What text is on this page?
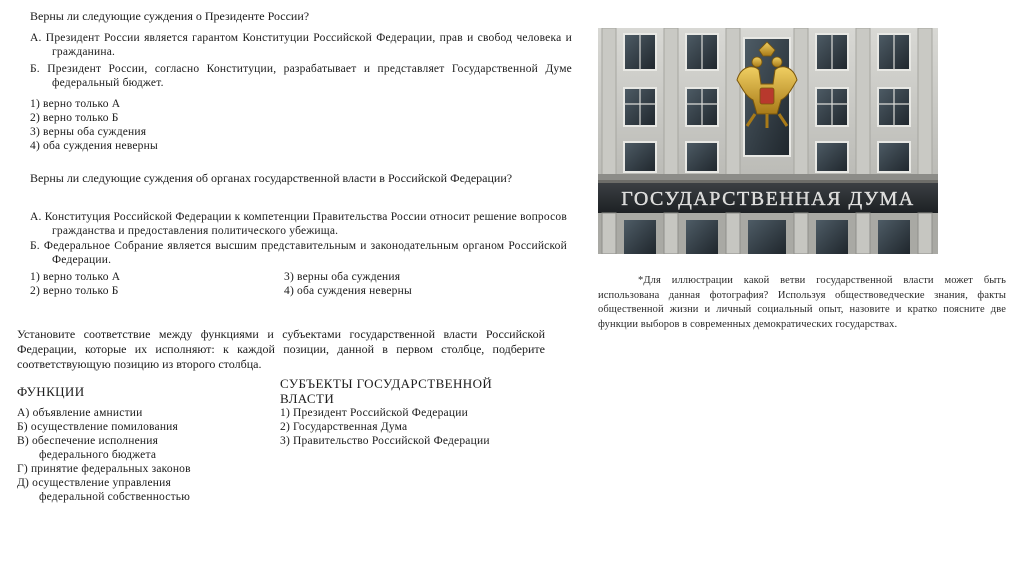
Верны ли следующие суждения о Президенте России?
А. Президент России является гарантом Конституции Российской Федерации, прав и свобод человека и гражданина.
Б. Президент России, согласно Конституции, разрабатывает и представляет Государственной Думе федеральный бюджет.
1) верно только А
2) верно только Б
3) верны оба суждения
4) оба суждения неверны
Верны ли следующие суждения об органах государственной власти в Российской Федерации?
А. Конституция Российской Федерации к компетенции Правительства России относит решение вопросов гражданства и предоставления политического убежища.
Б. Федеральное Собрание является высшим представительным и законодательным органом Российской Федерации.
1) верно только А
2) верно только Б
3) верны оба суждения
4) оба суждения неверны
Установите соответствие между функциями и субъектами государственной власти Российской Федерации, которые их исполняют: к каждой позиции, данной в первом столбце, подберите соответствующую позицию из второго столбца.
ФУНКЦИИ
А) объявление амнистии
Б) осуществление помилования
В) обеспечение исполнения федерального бюджета
Г) принятие федеральных законов
Д) осуществление управления федеральной собственностью
СУБЪЕКТЫ ГОСУДАРСТВЕННОЙ ВЛАСТИ
1) Президент Российской Федерации
2) Государственная Дума
3) Правительство Российской Федерации
ГОСУДАРСТВЕННАЯ ДУМА
*Для иллюстрации какой ветви государственной власти может быть использована данная фотография? Используя обществоведческие знания, факты общественной жизни и личный социальный опыт, назовите и кратко поясните две функции выборов в современных демократических государствах.
